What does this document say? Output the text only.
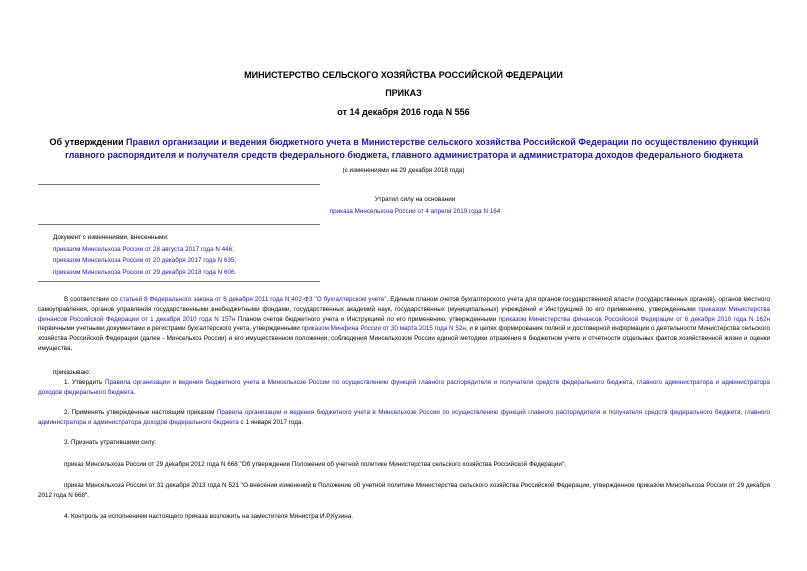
МИНИСТЕРСТВО СЕЛЬСКОГО ХОЗЯЙСТВА РОССИЙСКОЙ ФЕДЕРАЦИИ
ПРИКАЗ
от 14 декабря 2016 года N 556
Об утверждении Правил организации и ведения бюджетного учета в Министерстве сельского хозяйства Российской Федерации по осуществлению функций главного распорядителя и получателя средств федерального бюджета, главного администратора и администратора доходов федерального бюджета
(с изменениями на 29 декабря 2018 года)
Утратил силу на основании
приказа Минсельхоза России от 4 апреля 2019 года N 164
Документ с изменениями, внесенными:
приказом Минсельхоза России от 28 августа 2017 года N 446;
приказом Минсельхоза России от 20 декабря 2017 года N 635;
приказом Минсельхоза России от 29 декабря 2018 года N 606.
В соответствии со статьей 8 Федерального закона от 6 декабря 2011 года N 402-ФЗ "О бухгалтерском учете", Единым планом счетов бухгалтерского учета для органов государственной власти (государственных органов), органов местного самоуправления, органов управления государственными внебюджетными фондами, государственных академий наук, государственных (муниципальных) учреждений и Инструкцией по его применению, утвержденными приказом Министерства финансов Российской Федерации от 1 декабря 2010 года N 157н Планом счетов бюджетного учета и Инструкцией по его применению, утвержденными приказом Министерства финансов Российской Федерации от 6 декабря 2010 года N 162н первичными учетными документами и регистрами бухгалтерского учета, утвержденными приказом Минфина России от 30 марта 2015 года N 52н, и в целях формирования полной и достоверной информации о деятельности Министерства сельского хозяйства Российской Федерации (далее - Минсельхоз России) и его имущественном положении, соблюдения Минсельхозом России единой методики отражения в бюджетном учете и отчетности отдельных фактов хозяйственной жизни и оценки имущества,
приказываю:
1. Утвердить Правила организации и ведения бюджетного учета в Минсельхозе России по осуществлению функций главного распорядителя и получателя средств федерального бюджета, главного администратора и администратора доходов федерального бюджета.
2. Применять утвержденные настоящим приказом Правила организации и ведения бюджетного учета в Минсельхозе России по осуществлению функций главного распорядителя и получателя средств федерального бюджета, главного администратора и администратора доходов федерального бюджета с 1 января 2017 года.
3. Признать утратившими силу:
приказ Минсельхоза России от 29 декабря 2012 года N 668 "Об утверждении Положения об учетной политике Министерства сельского хозяйства Российской Федерации";
приказ Минсельхоза России от 31 декабря 2013 года N 521 "О внесении изменений в Положение об учетной политике Министерства сельского хозяйства Российской Федерации, утвержденное приказом Минсельхоза России от 29 декабря 2012 года N 668".
4. Контроль за исполнением настоящего приказа возложить на заместителя Министра И.Р.Кузина.
